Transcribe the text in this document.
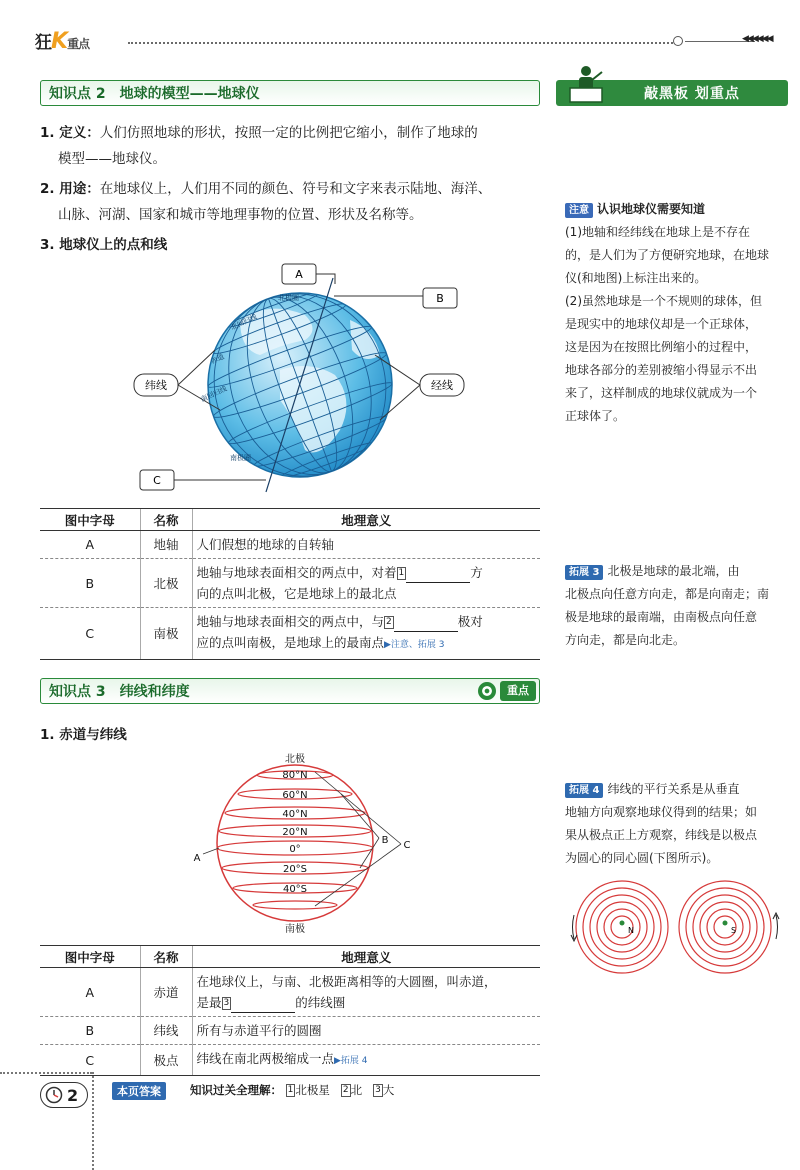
狂K重点	◀◀◀◀◀◀
知识点 2 地球的模型——地球仪	敲黑板 划重点
1. 定义：人们仿照地球的形状，按照一定的比例把它缩小，制作了地球的
模型——地球仪。
2. 用途：在地球仪上，人们用不同的颜色、符号和文字来表示陆地、海洋、
山脉、河湖、国家和城市等地理事物的位置、形状及名称等。
3. 地球仪上的点和线
A
B
C
纬线	经线
北极圈
北回归线
赤道
南回归线
南极圈
图中字母	名称	地理意义
A	地轴	人们假想的地球的自转轴
B	北极	地轴与地球表面相交的两点中，对着 1 方
向的点叫北极，它是地球上的最北点
C	南极	地轴与地球表面相交的两点中，与 2 极对
应的点叫南极，是地球上的最南点▶注意、拓展 3
知识点 3 纬线和纬度	重点
1. 赤道与纬线
北极
80°N
60°N
40°N
20°N
0°
20°S
40°S
南极
A
B C
图中字母	名称	地理意义
A	赤道	在地球仪上，与南、北极距离相等的大圆圈，叫赤道，
是最 3 的纬线圈
B	纬线	所有与赤道平行的圆圈
C	极点	纬线在南北两极缩成一点▶拓展 4
注意 认识地球仪需要知道
(1)地轴和经纬线在地球上是不存在
的，是人们为了方便研究地球，在地球
仪(和地图)上标注出来的。
(2)虽然地球是一个不规则的球体，但
是现实中的地球仪却是一个正球体，
这是因为在按照比例缩小的过程中，
地球各部分的差别被缩小得显示不出
来了，这样制成的地球仪就成为一个
正球体了。
拓展 3 北极是地球的最北端，由
北极点向任意方向走，都是向南走；南
极是地球的最南端，由南极点向任意
方向走，都是向北走。
拓展 4 纬线的平行关系是从垂直
地轴方向观察地球仪得到的结果；如
果从极点正上方观察，纬线是以极点
为圆心的同心圆(下图所示)。
N	S
2	本页答案	知识过关全理解： 1 北极星 2 北 3 大
